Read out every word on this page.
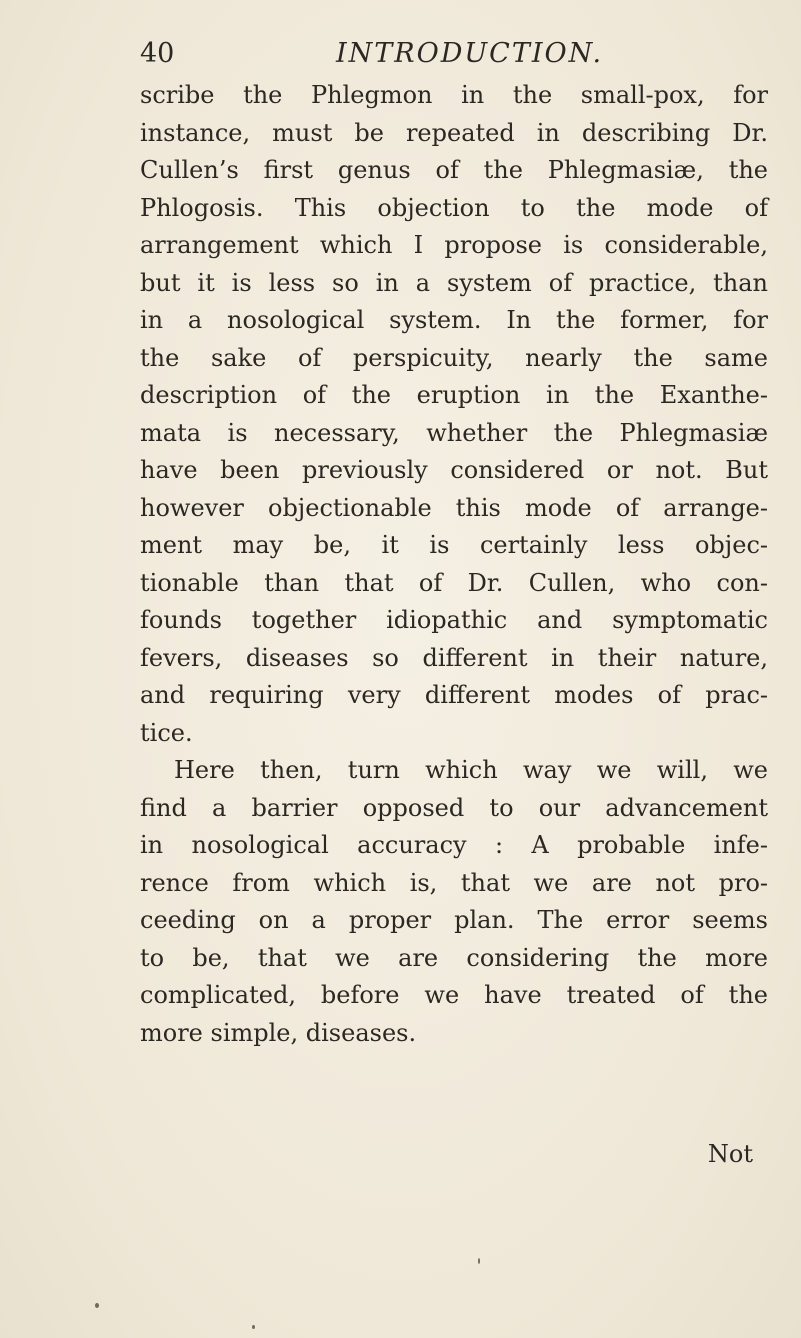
40	INTRODUCTION.
scribe the Phlegmon in the small-pox, for
instance, must be repeated in describing Dr.
Cullen’s first genus of the Phlegmasiæ, the
Phlogosis. This objection to the mode of
arrangement which I propose is considerable,
but it is less so in a system of practice, than
in a nosological system. In the former, for
the sake of perspicuity, nearly the same
description of the eruption in the Exanthe-
mata is necessary, whether the Phlegmasiæ
have been previously considered or not. But
however objectionable this mode of arrange-
ment may be, it is certainly less objec-
tionable than that of Dr. Cullen, who con-
founds together idiopathic and symptomatic
fevers, diseases so different in their nature,
and requiring very different modes of prac-
tice.
Here then, turn which way we will, we
find a barrier opposed to our advancement
in nosological accuracy : A probable infe-
rence from which is, that we are not pro-
ceeding on a proper plan. The error seems
to be, that we are considering the more
complicated, before we have treated of the
more simple, diseases.
Not
